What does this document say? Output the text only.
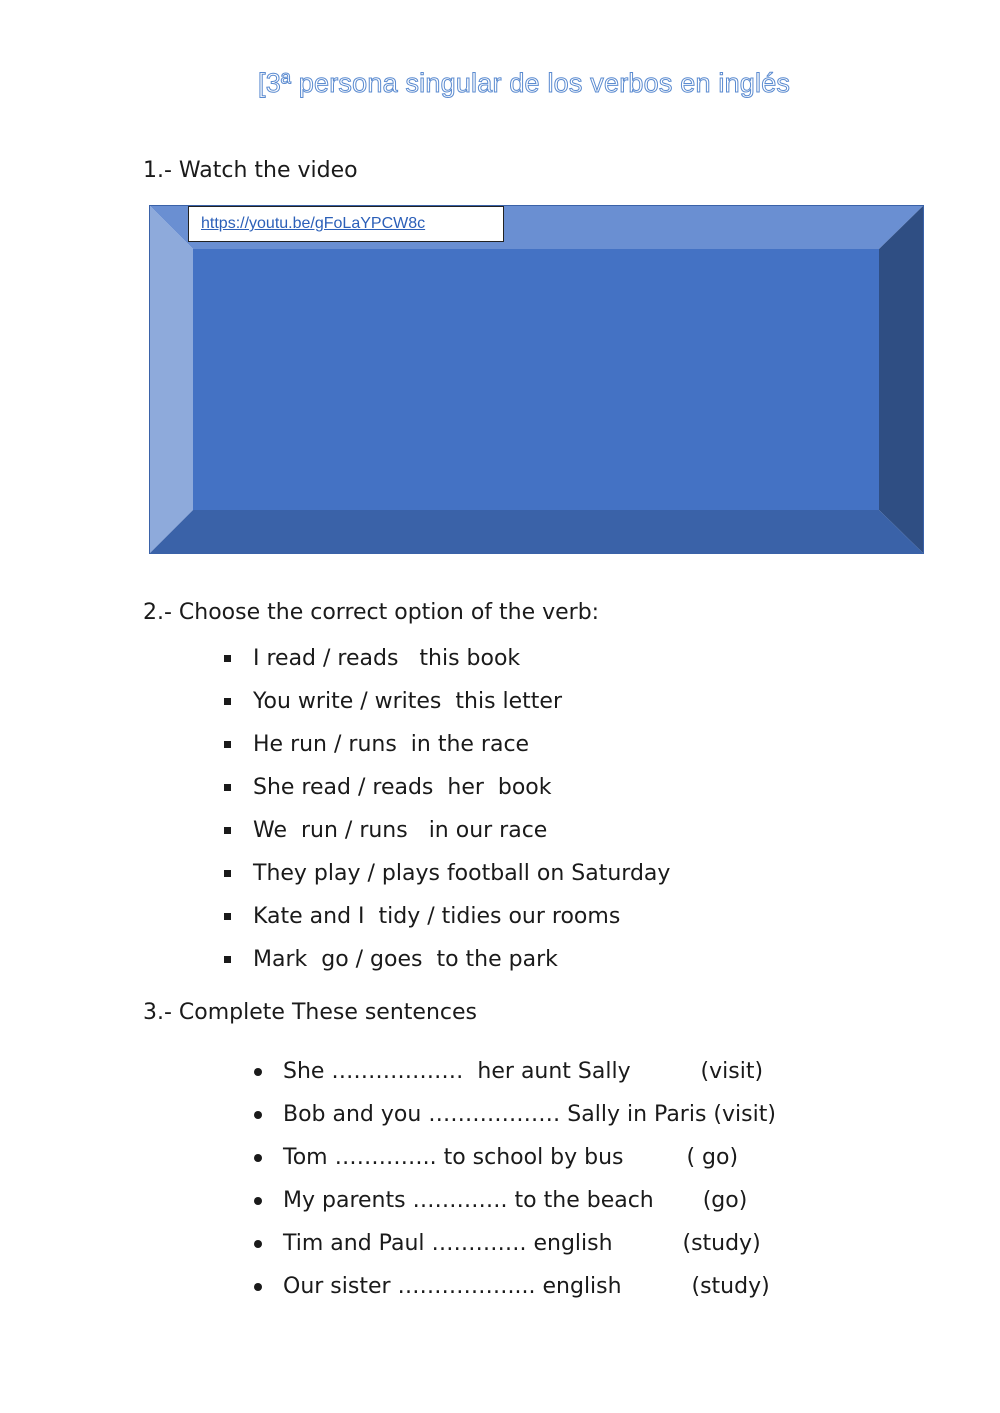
[3ª persona singular de los verbos en inglés
1.- Watch the video
https://youtu.be/gFoLaYPCW8c
2.- Choose the correct option of the verb:
I read / reads   this book
You write / writes  this letter
He run / runs  in the race
She read / reads  her  book
We  run / runs   in our race
They play / plays football on Saturday
Kate and I  tidy / tidies our rooms
Mark  go / goes  to the park
3.- Complete These sentences
She ………………  her aunt Sally          (visit)
Bob and you ……………… Sally in Paris (visit)
Tom ………….. to school by bus         ( go)
My parents …………. to the beach       (go)
Tim and Paul …………. english          (study)
Our sister …………….... english          (study)
